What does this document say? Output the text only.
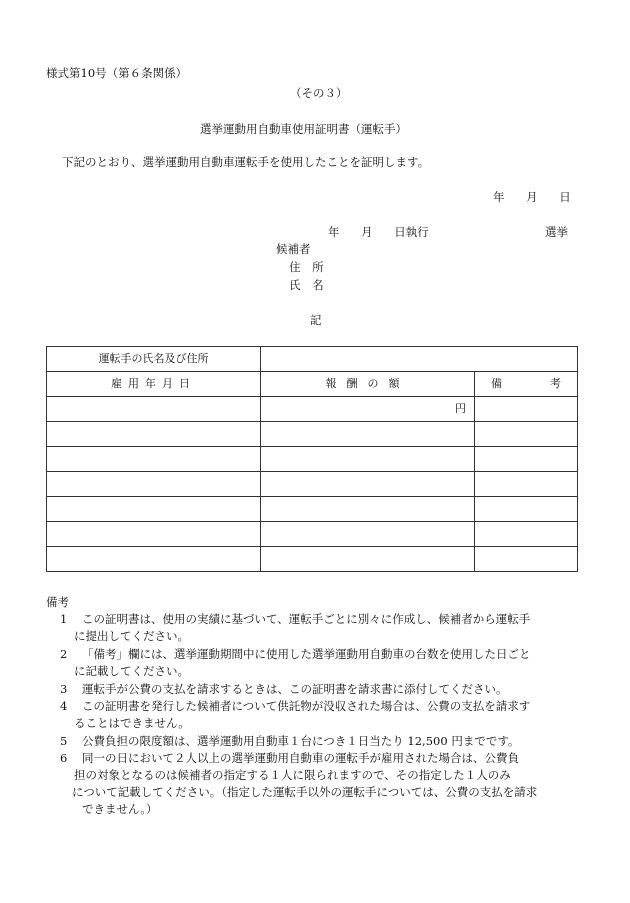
様式第10号（第６条関係）
（その３）
選挙運動用自動車使用証明書（運転手）
下記のとおり、選挙運動用自動車運転手を使用したことを証明します。
年 月 日
年 月 日執行	選挙
候補者
住 所
氏 名
記
運転手の氏名及び住所		
雇用年月日	報酬の額	備 考

	円	

備考
1 この証明書は、使用の実績に基づいて、運転手ごとに別々に作成し、候補者から運転手
に提出してください。
2 「備考」欄には、選挙運動期間中に使用した選挙運動用自動車の台数を使用した日ごと
に記載してください。
3 運転手が公費の支払を請求するときは、この証明書を請求書に添付してください。
4 この証明書を発行した候補者について供託物が没収された場合は、公費の支払を請求す
ることはできません。
5 公費負担の限度額は、選挙運動用自動車１台につき１日当たり 12,500 円までです。
6 同一の日において２人以上の選挙運動用自動車の運転手が雇用された場合は、公費負
担の対象となるのは候補者の指定する１人に限られますので、その指定した１人のみ
について記載してください。（指定した運転手以外の運転手については、公費の支払を請求
できません。）
